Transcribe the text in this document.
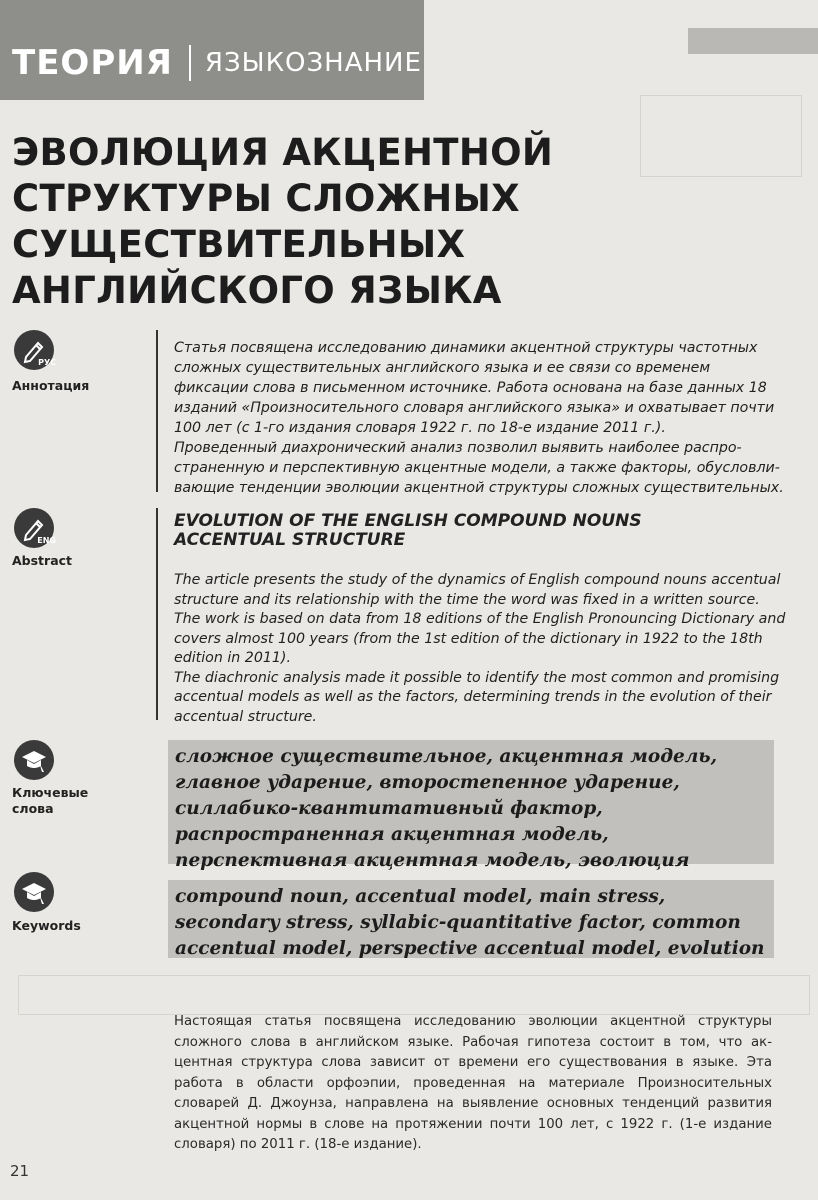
ТЕОРИЯ ЯЗЫКОЗНАНИЕ
ЭВОЛЮЦИЯ АКЦЕНТНОЙ СТРУКТУРЫ СЛОЖНЫХ СУЩЕСТВИТЕЛЬНЫХ АНГЛИЙСКОГО ЯЗЫКА
РУС
Аннотация

Статья посвящена исследованию динамики акцентной структуры частотных сложных существительных английского языка и ее связи со временем фиксации слова в письменном источнике. Работа основана на базе данных 18 изданий «Произносительного словаря английского языка» и охватывает почти 100 лет (с 1-го издания словаря 1922 г. по 18-е издание 2011 г.).

Проведенный диахронический анализ позволил выявить наиболее распространенную и перспективную акцентные модели, а также факторы, обусловливающие тенденции эволюции акцентной структуры сложных существительных.

ENG
Abstract
EVOLUTION OF THE ENGLISH COMPOUND NOUNS ACCENTUAL STRUCTURE

The article presents the study of the dynamics of English compound nouns accentual structure and its relationship with the time the word was fixed in a written source. The work is based on data from 18 editions of the English Pronouncing Dictionary and covers almost 100 years (from the 1st edition of the dictionary in 1922 to the 18th edition in 2011).

The diachronic analysis made it possible to identify the most common and promising accentual models as well as the factors, determining trends in the evolution of their accentual structure.

Ключевые
слова
сложное существительное, акцентная модель, главное ударение, второстепенное ударение, силлабико-квантитативный фактор, распространенная акцентная модель, перспективная акцентная модель, эволюция
Keywords
compound noun, accentual model, main stress, secondary stress, syllabic-quantitative factor, common accentual model, perspective accentual model, evolution
Настоящая статья посвящена исследованию эволюции акцентной структуры сложного слова в английском языке. Рабочая гипотеза состоит в том, что акцентная структура слова зависит от времени его существования в языке. Эта работа в области орфоэпии, проведенная на материале Произносительных словарей Д. Джоунза, направлена на выявление основных тенденций развития акцентной нормы в слове на протяжении почти 100 лет, с 1922 г. (1-е издание словаря) по 2011 г. (18-е издание).
21
